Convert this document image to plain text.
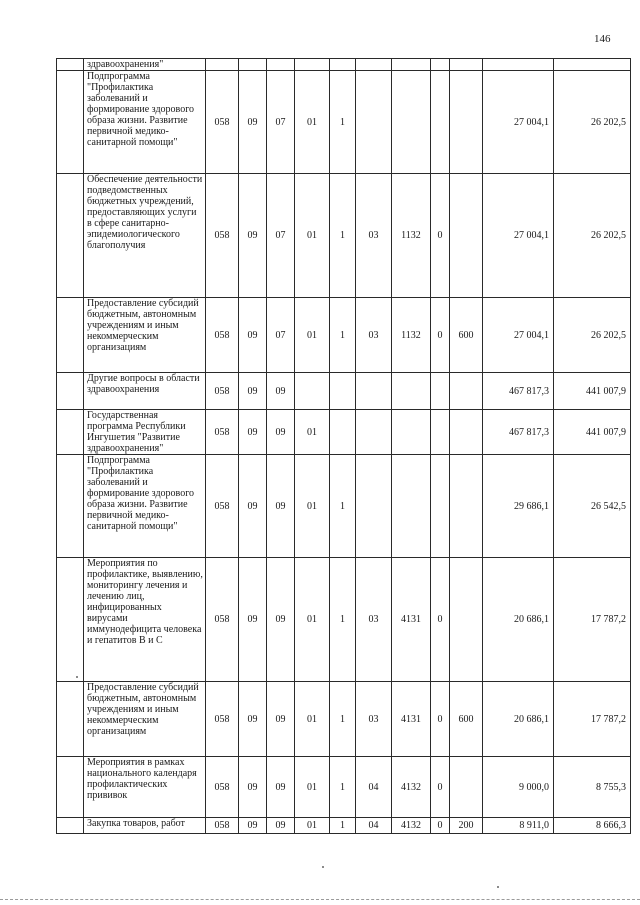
146
	здравоохранения"											
	Подпрограмма "Профилактика заболеваний и формирование здорового образа жизни. Развитие первичной медико-санитарной помощи"	058	09	07	01	1					27 004,1	26 202,5
	Обеспечение деятельности подведомственных бюджетных учреждений, предоставляющих услуги в сфере санитарно-эпидемиологического благополучия	058	09	07	01	1	03	1132	0		27 004,1	26 202,5
	Предоставление субсидий бюджетным, автономным учреждениям и иным некоммерческим организациям	058	09	07	01	1	03	1132	0	600	27 004,1	26 202,5
	Другие вопросы в области здравоохранения	058	09	09							467 817,3	441 007,9
	Государственная программа Республики Ингушетия "Развитие здравоохранения"	058	09	09	01						467 817,3	441 007,9
	Подпрограмма "Профилактика заболеваний и формирование здорового образа жизни. Развитие первичной медико-санитарной помощи"	058	09	09	01	1					29 686,1	26 542,5
	Мероприятия по профилактике, выявлению, мониторингу лечения и лечению лиц, инфицированных вирусами иммунодефицита человека и гепатитов В и С	058	09	09	01	1	03	4131	0		20 686,1	17 787,2
	Предоставление субсидий бюджетным, автономным учреждениям и иным некоммерческим организациям	058	09	09	01	1	03	4131	0	600	20 686,1	17 787,2
	Мероприятия в рамках национального календаря профилактических прививок	058	09	09	01	1	04	4132	0		9 000,0	8 755,3
	Закупка товаров, работ	058	09	09	01	1	04	4132	0	200	8 911,0	8 666,3
